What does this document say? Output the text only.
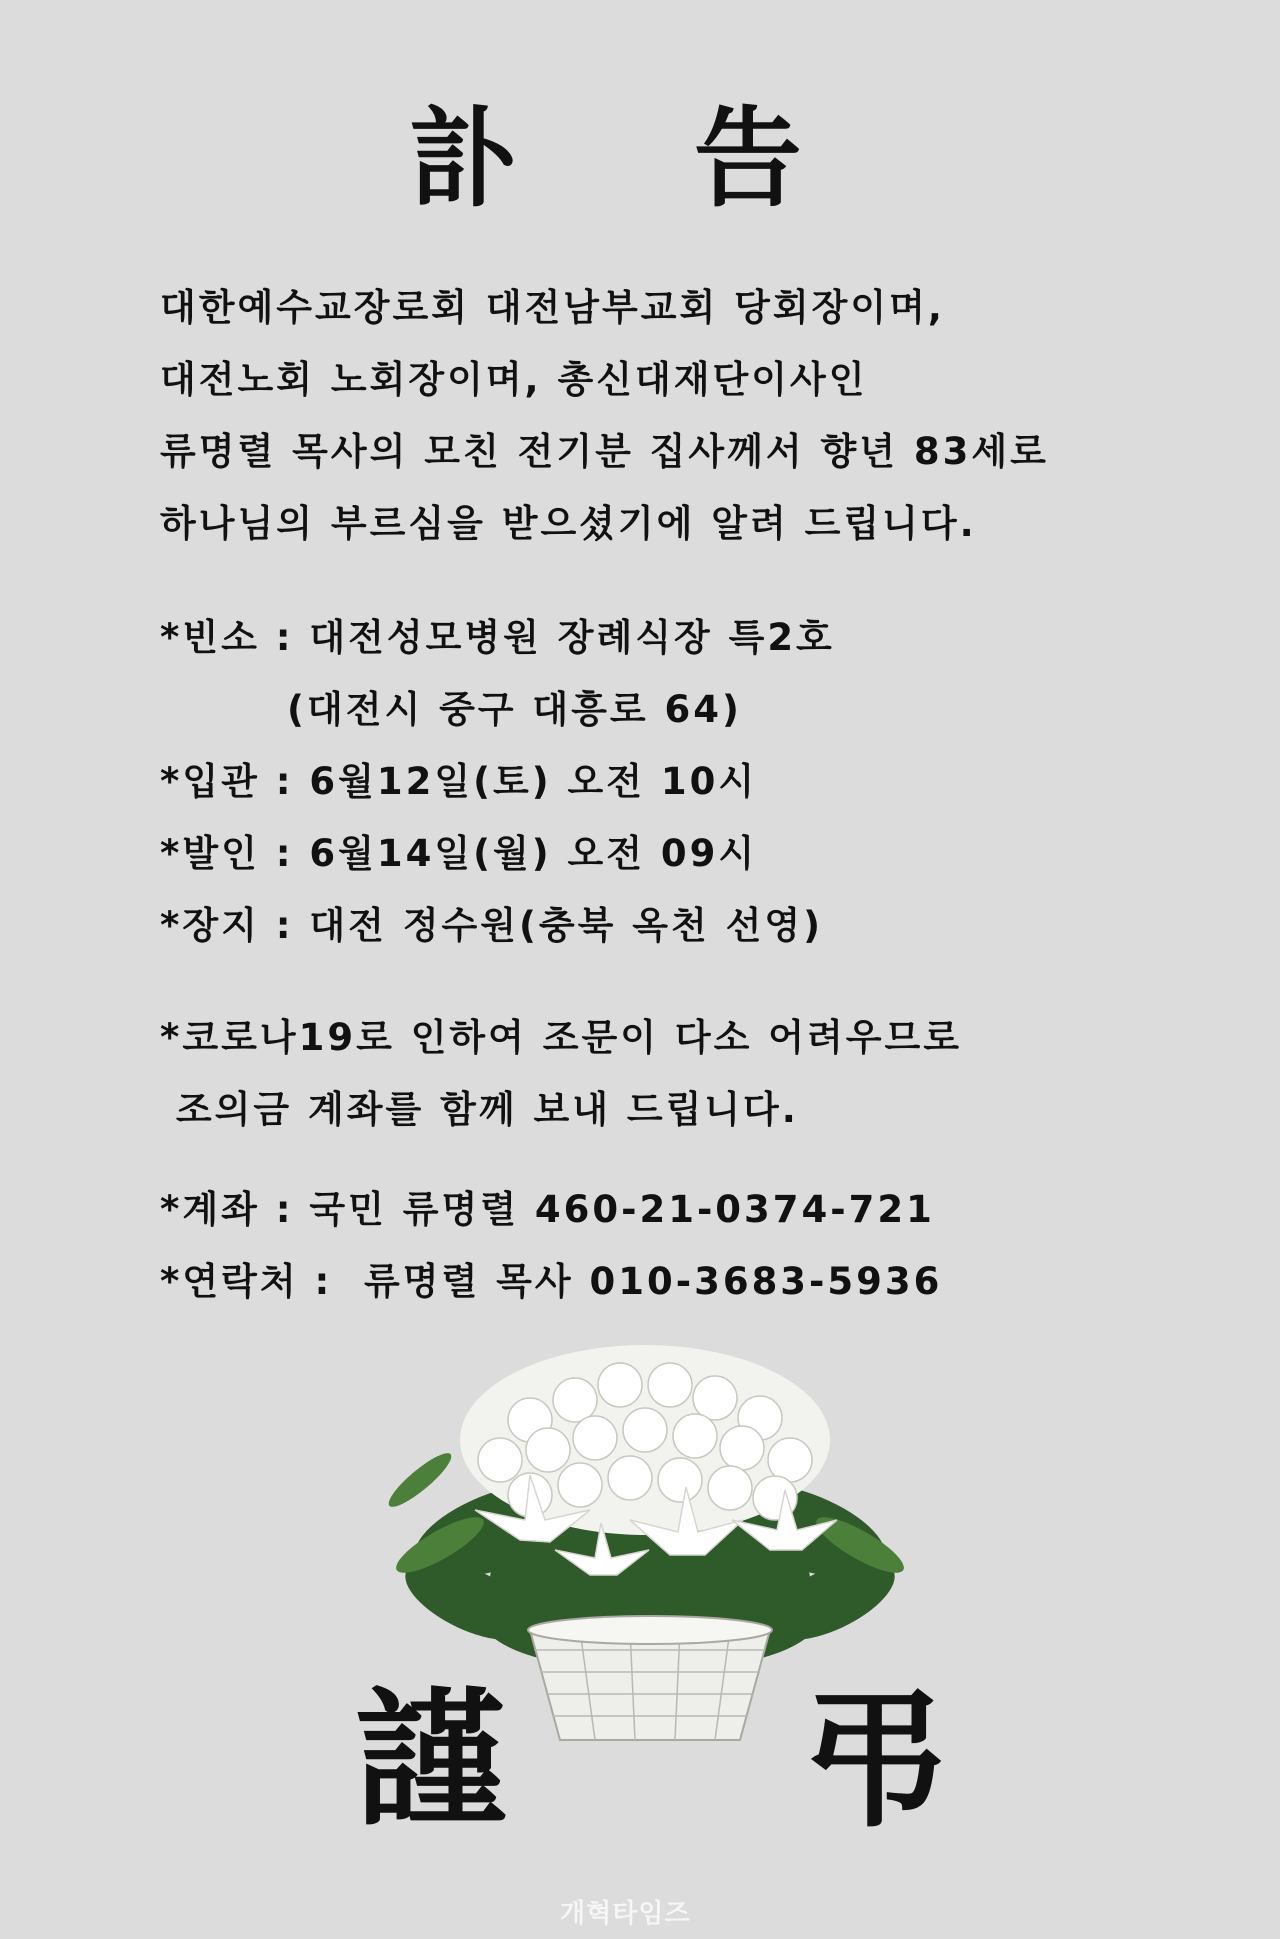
訃 告
대한예수교장로회 대전남부교회 당회장이며,
대전노회 노회장이며, 총신대재단이사인
류명렬 목사의 모친 전기분 집사께서 향년 83세로
하나님의 부르심을 받으셨기에 알려 드립니다.
*빈소 : 대전성모병원 장례식장 특2호
(대전시 중구 대흥로 64)
*입관 : 6월12일(토) 오전 10시
*발인 : 6월14일(월) 오전 09시
*장지 : 대전 정수원(충북 옥천 선영)
*코로나19로 인하여 조문이 다소 어려우므로
조의금 계좌를 함께 보내 드립니다.
*계좌 : 국민 류명렬 460-21-0374-721
*연락처 :  류명렬 목사 010-3683-5936
謹 弔
개혁타임즈
